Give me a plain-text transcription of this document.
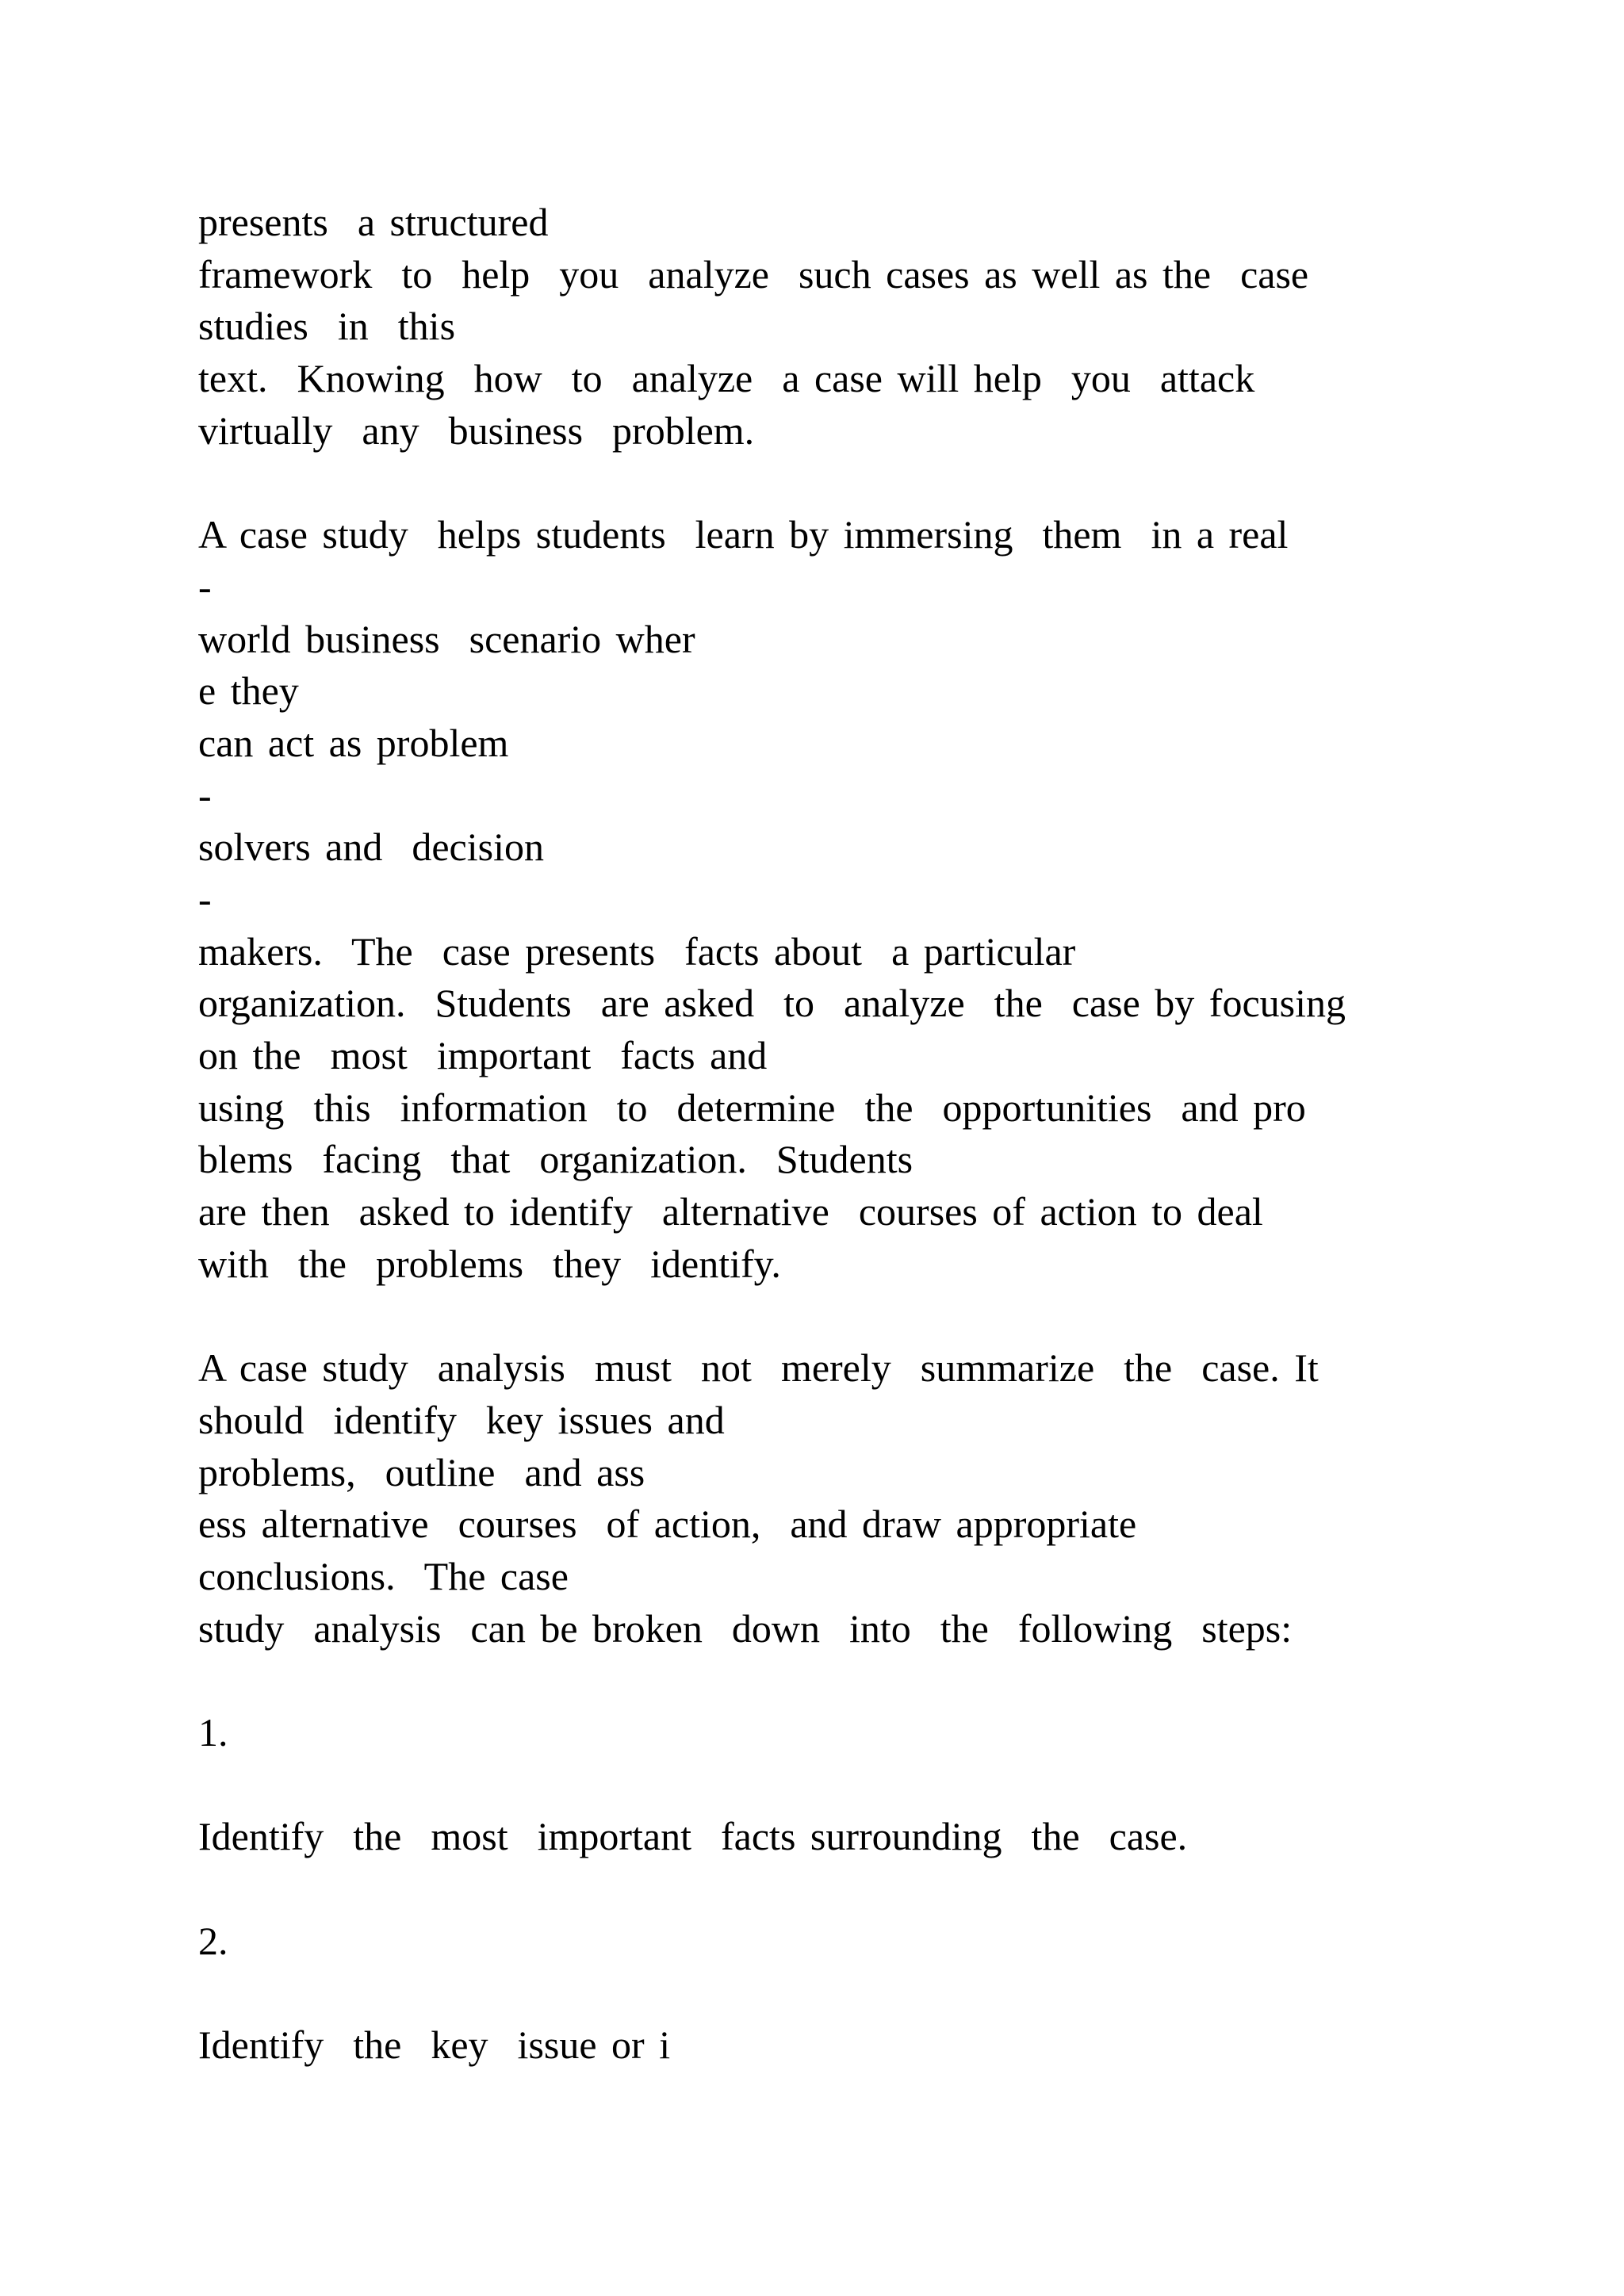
presents  a structured
framework  to  help  you  analyze  such cases as well as the  case
studies  in  this
text.  Knowing  how  to  analyze  a case will help  you  attack
virtually  any  business  problem.
A case study  helps students  learn by immersing  them  in a real
-
world business  scenario wher
e they
can act as problem
-
solvers and  decision
-
makers.  The  case presents  facts about  a particular
organization.  Students  are asked  to  analyze  the  case by focusing
on the  most  important  facts and
using  this  information  to  determine  the  opportunities  and pro
blems  facing  that  organization.  Students
are then  asked to identify  alternative  courses of action to deal
with  the  problems  they  identify.
A case study  analysis  must  not  merely  summarize  the  case. It
should  identify  key issues and
problems,  outline  and ass
ess alternative  courses  of action,  and draw appropriate
conclusions.  The case
study  analysis  can be broken  down  into  the  following  steps:
1.
Identify  the  most  important  facts surrounding  the  case.
2.
Identify  the  key  issue or i
